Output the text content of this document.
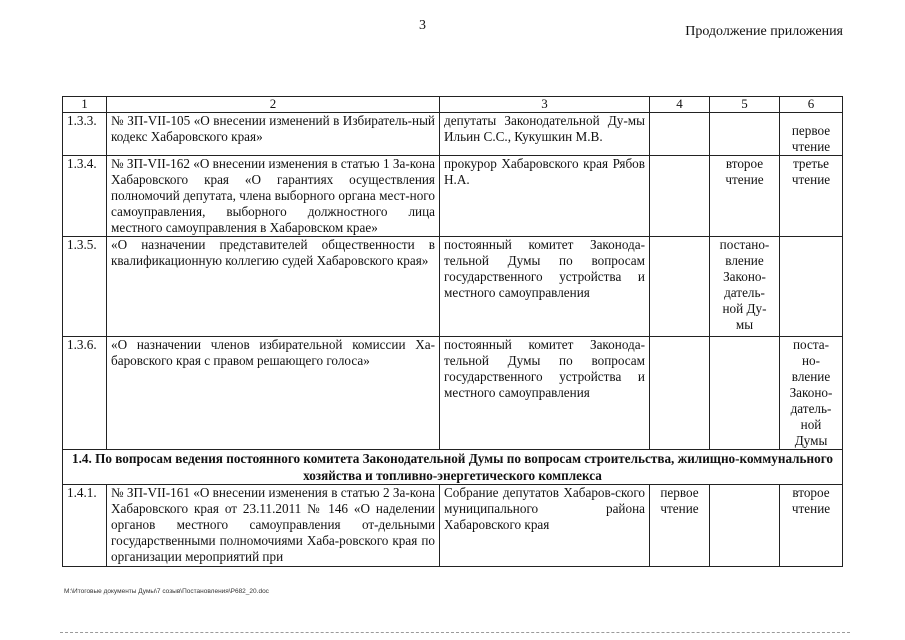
3	Продолжение приложения
1	2	3	4	5	6
1.3.3.	№ ЗП-VII-105 «О внесении изменений в Избиратель-ный кодекс Хабаровского края»	депутаты Законодательной Ду-мы Ильин С.С., Кукушкин М.В.			первое чтение
1.3.4.	№ ЗП-VII-162 «О внесении изменения в статью 1 За-кона Хабаровского края «О гарантиях осуществления полномочий депутата, члена выборного органа мест-ного самоуправления, выборного должностного лица местного самоуправления в Хабаровском крае»	прокурор Хабаровского края Рябов Н.А.		второе чтение	третье чтение
1.3.5.	«О назначении представителей общественности в квалификационную коллегию судей Хабаровского края»	постоянный комитет Законода-тельной Думы по вопросам государственного устройства и местного самоуправления		постано-вление Законо-датель-ной Ду-мы	
1.3.6.	«О назначении членов избирательной комиссии Ха-баровского края с правом решающего голоса»	постоянный комитет Законода-тельной Думы по вопросам государственного устройства и местного самоуправления			поста-но-вление Законо-датель-ной Думы
1.4. По вопросам ведения постоянного комитета Законодательной Думы по вопросам строительства, жилищно-коммунального хозяйства и топливно-энергетического комплекса					
1.4.1.	№ ЗП-VII-161 «О внесении изменения в статью 2 За-кона Хабаровского края от 23.11.2011 № 146 «О наделении органов местного самоуправления от-дельными государственными полномочиями Хаба-ровского края по организации мероприятий при	Собрание депутатов Хабаров-ского муниципального района Хабаровского края	первое чтение		второе чтение
M:\Итоговые документы Думы\7 созыв\Постановления\P682_20.doc
